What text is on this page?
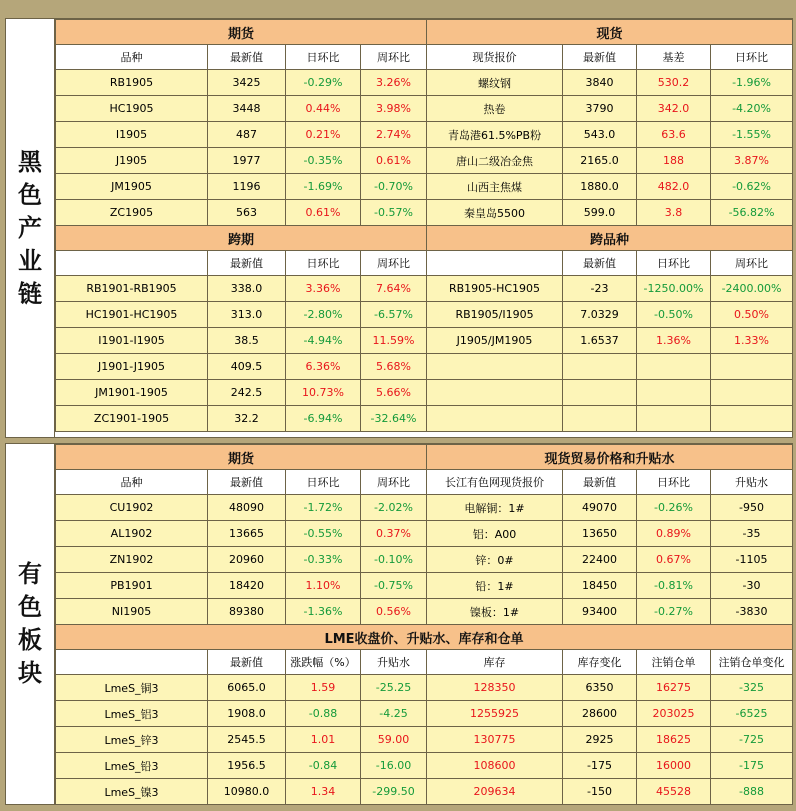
黑
色
产
业
链
期货				现货			
品种	最新值	日环比	周环比	现货报价	最新值	基差	日环比
RB1905	3425	-0.29%	3.26%	螺纹钢	3840	530.2	-1.96%
HC1905	3448	0.44%	3.98%	热卷	3790	342.0	-4.20%
I1905	487	0.21%	2.74%	青岛港61.5%PB粉	543.0	63.6	-1.55%
J1905	1977	-0.35%	0.61%	唐山二级冶金焦	2165.0	188	3.87%
JM1905	1196	-1.69%	-0.70%	山西主焦煤	1880.0	482.0	-0.62%
ZC1905	563	0.61%	-0.57%	秦皇岛5500	599.0	3.8	-56.82%
跨期				跨品种			
	最新值	日环比	周环比		最新值	日环比	周环比
RB1901-RB1905	338.0	3.36%	7.64%	RB1905-HC1905	-23	-1250.00%	-2400.00%
HC1901-HC1905	313.0	-2.80%	-6.57%	RB1905/I1905	7.0329	-0.50%	0.50%
I1901-I1905	38.5	-4.94%	11.59%	J1905/JM1905	1.6537	1.36%	1.33%
J1901-J1905	409.5	6.36%	5.68%				
JM1901-1905	242.5	10.73%	5.66%				
ZC1901-1905	32.2	-6.94%	-32.64%				
有
色
板
块
期货				现货贸易价格和升贴水			
品种	最新值	日环比	周环比	长江有色网现货报价	最新值	日环比	升贴水
CU1902	48090	-1.72%	-2.02%	电解铜：1#	49070	-0.26%	-950
AL1902	13665	-0.55%	0.37%	铝：A00	13650	0.89%	-35
ZN1902	20960	-0.33%	-0.10%	锌：0#	22400	0.67%	-1105
PB1901	18420	1.10%	-0.75%	铅：1#	18450	-0.81%	-30
NI1905	89380	-1.36%	0.56%	镍板：1#	93400	-0.27%	-3830
LME收盘价、升贴水、库存和仓单							
	最新值	涨跌幅（%）	升贴水	库存	库存变化	注销仓单	注销仓单变化
LmeS_铜3	6065.0	1.59	-25.25	128350	6350	16275	-325
LmeS_铝3	1908.0	-0.88	-4.25	1255925	28600	203025	-6525
LmeS_锌3	2545.5	1.01	59.00	130775	2925	18625	-725
LmeS_铅3	1956.5	-0.84	-16.00	108600	-175	16000	-175
LmeS_镍3	10980.0	1.34	-299.50	209634	-150	45528	-888
